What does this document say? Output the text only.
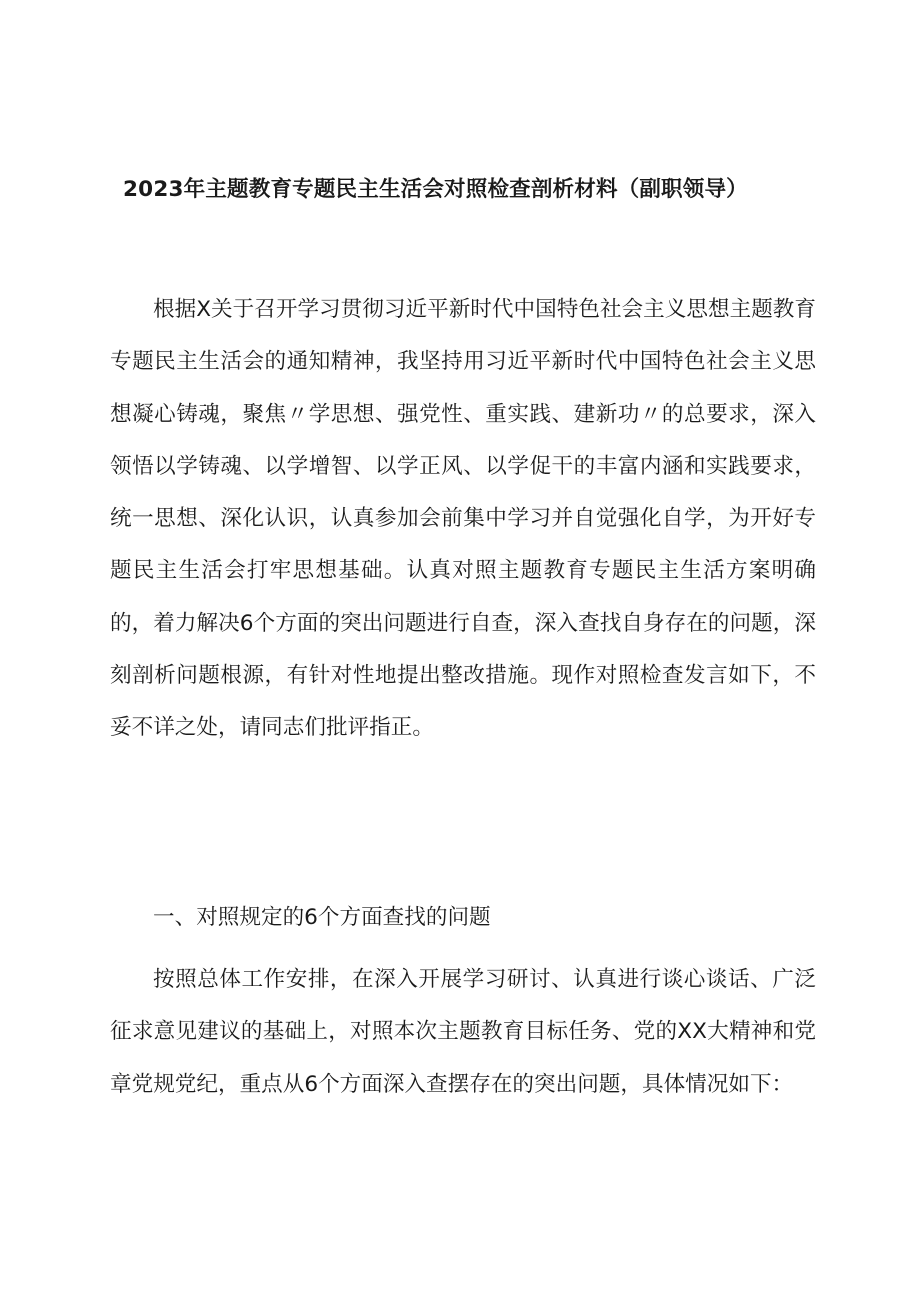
2023年主题教育专题民主生活会对照检查剖析材料（副职领导）

根据X关于召开学习贯彻习近平新时代中国特色社会主义思想主题教育专题民主生活会的通知精神，我坚持用习近平新时代中国特色社会主义思想凝心铸魂，聚焦〃学思想、强党性、重实践、建新功〃的总要求，深入领悟以学铸魂、以学增智、以学正风、以学促干的丰富内涵和实践要求，统一思想、深化认识，认真参加会前集中学习并自觉强化自学，为开好专题民主生活会打牢思想基础。认真对照主题教育专题民主生活方案明确的，着力解决6个方面的突出问题进行自查，深入查找自身存在的问题，深刻剖析问题根源，有针对性地提出整改措施。现作对照检查发言如下，不妥不详之处，请同志们批评指正。

一、对照规定的6个方面查找的问题

按照总体工作安排，在深入开展学习研讨、认真进行谈心谈话、广泛征求意见建议的基础上，对照本次主题教育目标任务、党的XX大精神和党章党规党纪，重点从6个方面深入查摆存在的突出问题，具体情况如下：
